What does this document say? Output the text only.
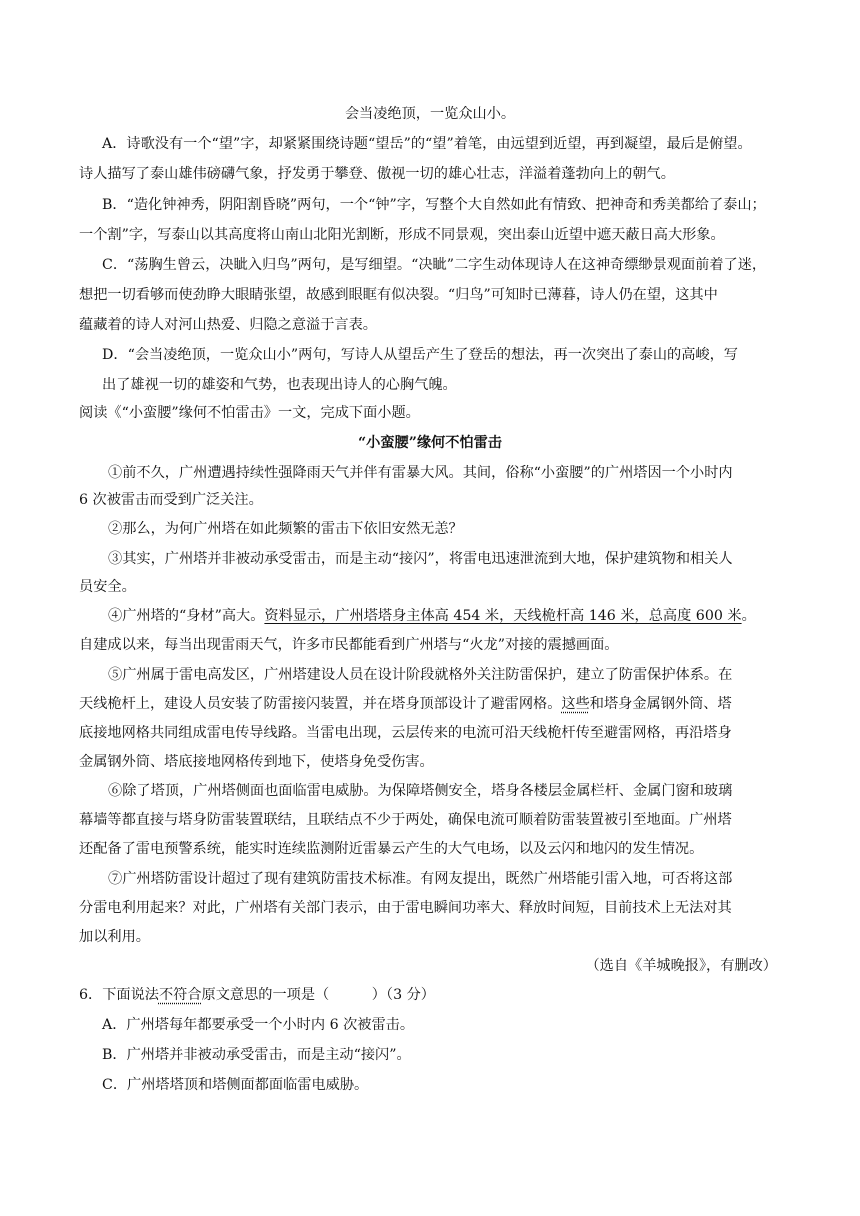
会当凌绝顶，一览众山小。
A．诗歌没有一个“望”字，却紧紧围绕诗题“望岳”的“望”着笔，由远望到近望，再到凝望，最后是俯望。
诗人描写了泰山雄伟磅礴气象，抒发勇于攀登、傲视一切的雄心壮志，洋溢着蓬勃向上的朝气。
B．“造化钟神秀，阴阳割昏晓”两句，一个“钟”字，写整个大自然如此有情致、把神奇和秀美都给了泰山；
一个割”字，写泰山以其高度将山南山北阳光割断，形成不同景观，突出泰山近望中遮天蔽日高大形象。
C．“荡胸生曾云，决眦入归鸟”两句，是写细望。“决眦”二字生动体现诗人在这神奇缥缈景观面前着了迷，
想把一切看够而使劲睁大眼睛张望，故感到眼眶有似决裂。“归鸟”可知时已薄暮，诗人仍在望，这其中
蕴藏着的诗人对河山热爱、归隐之意溢于言表。
D．“会当凌绝顶，一览众山小”两句，写诗人从望岳产生了登岳的想法，再一次突出了泰山的高峻，写
出了雄视一切的雄姿和气势，也表现出诗人的心胸气魄。
阅读《“小蛮腰”缘何不怕雷击》一文，完成下面小题。
“小蛮腰”缘何不怕雷击
①前不久，广州遭遇持续性强降雨天气并伴有雷暴大风。其间，俗称“小蛮腰”的广州塔因一个小时内
6 次被雷击而受到广泛关注。
②那么，为何广州塔在如此频繁的雷击下依旧安然无恙？
③其实，广州塔并非被动承受雷击，而是主动“接闪”，将雷电迅速泄流到大地，保护建筑物和相关人
员安全。
④广州塔的“身材”高大。资料显示，广州塔塔身主体高 454 米，天线桅杆高 146 米，总高度 600 米。
自建成以来，每当出现雷雨天气，许多市民都能看到广州塔与“火龙”对接的震撼画面。
⑤广州属于雷电高发区，广州塔建设人员在设计阶段就格外关注防雷保护，建立了防雷保护体系。在
天线桅杆上，建设人员安装了防雷接闪装置，并在塔身顶部设计了避雷网格。这些和塔身金属钢外筒、塔
底接地网格共同组成雷电传导线路。当雷电出现，云层传来的电流可沿天线桅杆传至避雷网格，再沿塔身
金属钢外筒、塔底接地网格传到地下，使塔身免受伤害。
⑥除了塔顶，广州塔侧面也面临雷电威胁。为保障塔侧安全，塔身各楼层金属栏杆、金属门窗和玻璃
幕墙等都直接与塔身防雷装置联结，且联结点不少于两处，确保电流可顺着防雷装置被引至地面。广州塔
还配备了雷电预警系统，能实时连续监测附近雷暴云产生的大气电场，以及云闪和地闪的发生情况。
⑦广州塔防雷设计超过了现有建筑防雷技术标准。有网友提出，既然广州塔能引雷入地，可否将这部
分雷电利用起来？对此，广州塔有关部门表示，由于雷电瞬间功率大、释放时间短，目前技术上无法对其
加以利用。
（选自《羊城晚报》，有删改）
6．下面说法不符合原文意思的一项是（　　　）（3 分）
A．广州塔每年都要承受一个小时内 6 次被雷击。
B．广州塔并非被动承受雷击，而是主动“接闪”。
C．广州塔塔顶和塔侧面都面临雷电威胁。
